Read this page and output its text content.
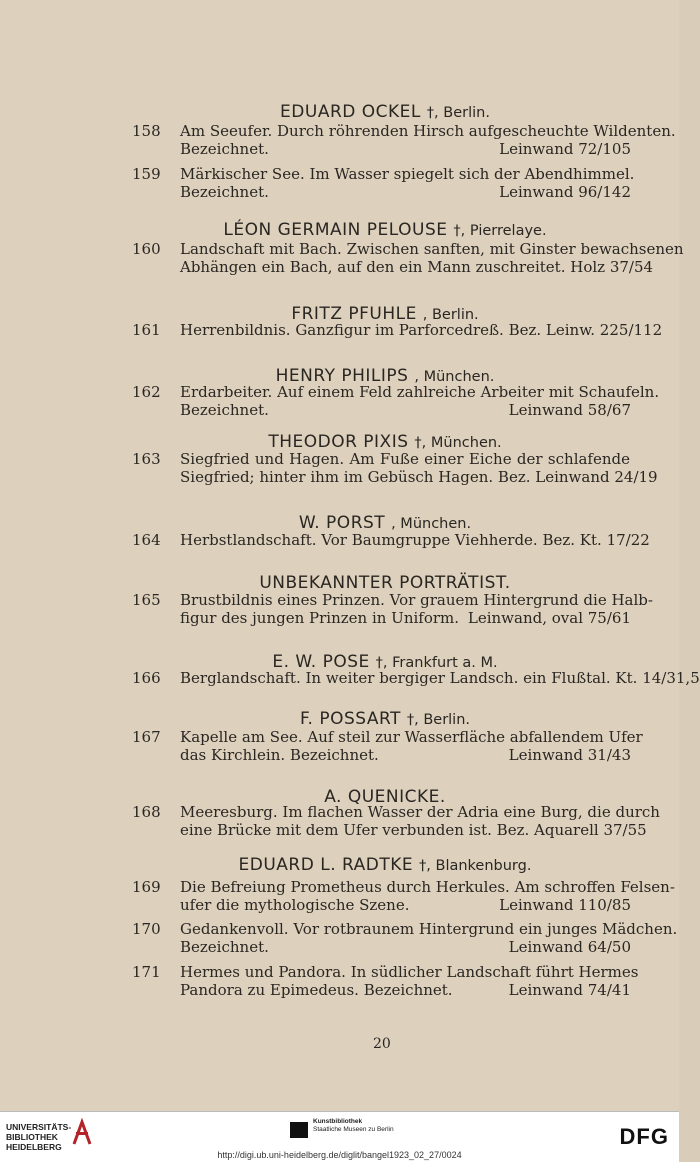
EDUARD OCKEL †, Berlin.
158 Am Seeufer. Durch röhrenden Hirsch aufgescheuchte Wildenten.
Bezeichnet.	Leinwand 72/105
159 Märkischer See. Im Wasser spiegelt sich der Abendhimmel.
Bezeichnet.	Leinwand 96/142
LÉON GERMAIN PELOUSE †, Pierrelaye.
160 Landschaft mit Bach. Zwischen sanften, mit Ginster bewachsenen
Abhängen ein Bach, auf den ein Mann zuschreitet. Holz 37/54
FRITZ PFUHLE , Berlin.
161 Herrenbildnis. Ganzfigur im Parforcedreß. Bez. Leinw. 225/112
HENRY PHILIPS , München.
162 Erdarbeiter. Auf einem Feld zahlreiche Arbeiter mit Schaufeln.
Bezeichnet.	Leinwand 58/67
THEODOR PIXIS †, München.
163 Siegfried und Hagen. Am Fuße einer Eiche der schlafende
Siegfried; hinter ihm im Gebüsch Hagen. Bez. Leinwand 24/19
W. PORST , München.
164 Herbstlandschaft. Vor Baumgruppe Viehherde. Bez. Kt. 17/22
UNBEKANNTER PORTRÄTIST.
165 Brustbildnis eines Prinzen. Vor grauem Hintergrund die Halb-
figur des jungen Prinzen in Uniform. Leinwand, oval 75/61
E. W. POSE †, Frankfurt a. M.
166 Berglandschaft. In weiter bergiger Landsch. ein Flußtal. Kt. 14/31,5
F. POSSART †, Berlin.
167 Kapelle am See. Auf steil zur Wasserfläche abfallendem Ufer
das Kirchlein. Bezeichnet.	Leinwand 31/43
A. QUENICKE.
168 Meeresburg. Im flachen Wasser der Adria eine Burg, die durch
eine Brücke mit dem Ufer verbunden ist. Bez. Aquarell 37/55
EDUARD L. RADTKE †, Blankenburg.
169 Die Befreiung Prometheus durch Herkules. Am schroffen Felsen-
ufer die mythologische Szene.	Leinwand 110/85
170 Gedankenvoll. Vor rotbraunem Hintergrund ein junges Mädchen.
Bezeichnet.	Leinwand 64/50
171 Hermes und Pandora. In südlicher Landschaft führt Hermes
Pandora zu Epimedeus. Bezeichnet.	Leinwand 74/41
20
UNIVERSITÄTS-
BIBLIOTHEK
HEIDELBERG
Kunstbibliothek
Staatliche Museen zu Berlin	DFG
http://digi.ub.uni-heidelberg.de/diglit/bangel1923_02_27/0024
